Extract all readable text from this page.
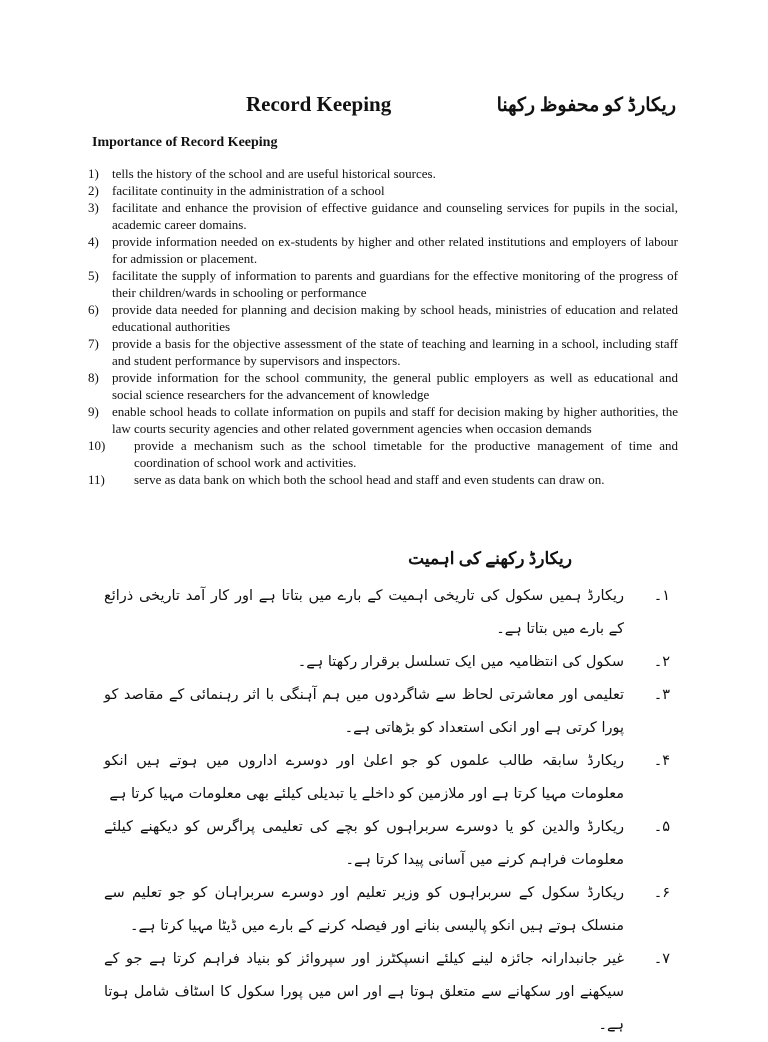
Record Keeping	ریکارڈ کو محفوظ رکھنا
Importance of Record Keeping
1)	tells the history of the school and are useful historical sources.
2)	facilitate continuity in the administration of a school
3)	facilitate and enhance the provision of effective guidance and counseling services for pupils in the social, academic career domains.
4)	provide information needed on ex-students by higher and other related institutions and employers of labour for admission or placement.
5)	facilitate the supply of information to parents and guardians for the effective monitoring of the progress of their children/wards in schooling or performance
6)	provide data needed for planning and decision making by school heads, ministries of education and related educational authorities
7)	provide a basis for the objective assessment of the state of teaching and learning in a school, including staff and student performance by supervisors and inspectors.
8)	provide information for the school community, the general public employers as well as educational and social science researchers for the advancement of knowledge
9)	enable school heads to collate information on pupils and staff for decision making by higher authorities, the law courts security agencies and other related government agencies when occasion demands
10)	provide a mechanism such as the school timetable for the productive management of time and coordination of school work and activities.
11)	serve as data bank on which both the school head and staff and even students can draw on.
ریکارڈ رکھنے کی اہمیت
۱۔
ریکارڈ ہمیں سکول کی تاریخی اہمیت کے بارے میں بتاتا ہے اور کار آمد تاریخی ذرائع کے بارے میں بتاتا ہے۔
۲۔
سکول کی انتظامیہ میں ایک تسلسل برقرار رکھتا ہے۔
۳۔
تعلیمی اور معاشرتی لحاظ سے شاگردوں میں ہم آہنگی با اثر رہنمائی کے مقاصد کو پورا کرتی ہے اور انکی استعداد کو بڑھاتی ہے۔
۴۔
ریکارڈ سابقہ طالب علموں کو جو اعلیٰ اور دوسرے اداروں میں ہوتے ہیں انکو معلومات مہیا کرتا ہے اور ملازمین کو داخلے یا تبدیلی کیلئے بھی معلومات مہیا کرتا ہے
۵۔
ریکارڈ والدین کو یا دوسرے سربراہوں کو بچے کی تعلیمی پراگرس کو دیکھنے کیلئے معلومات فراہم کرنے میں آسانی پیدا کرتا ہے۔
۶۔
ریکارڈ سکول کے سربراہوں کو وزیر تعلیم اور دوسرے سربراہان کو جو تعلیم سے منسلک ہوتے ہیں انکو پالیسی بنانے اور فیصلہ کرنے کے بارے میں ڈیٹا مہیا کرتا ہے۔
۷۔
غیر جانبدارانہ جائزہ لینے کیلئے انسپکٹرز اور سپروائز کو بنیاد فراہم کرتا ہے جو کے سیکھنے اور سکھانے سے متعلق ہوتا ہے اور اس میں پورا سکول کا اسٹاف شامل ہوتا ہے۔
